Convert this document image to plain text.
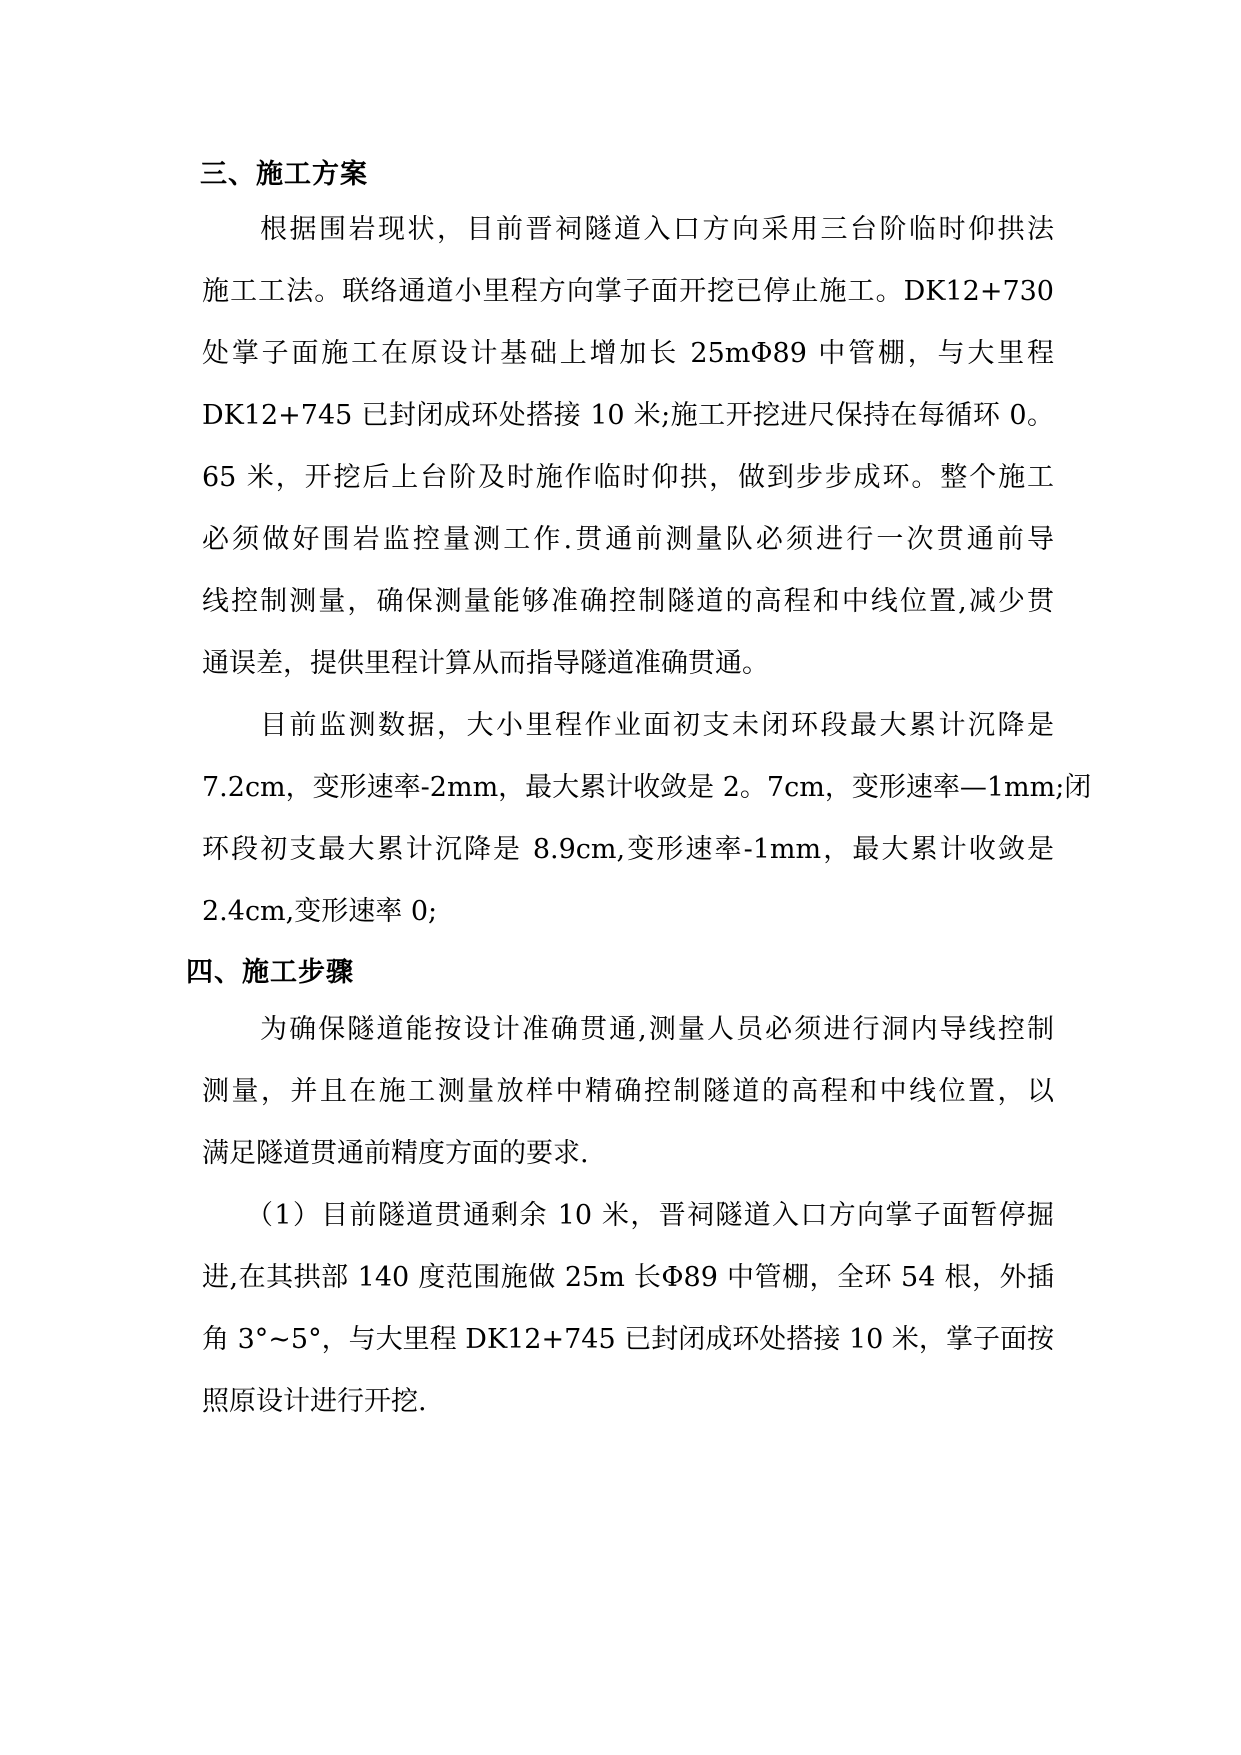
三、施工方案

根据围岩现状，目前晋祠隧道入口方向采用三台阶临时仰拱法

施工工法。联络通道小里程方向掌子面开挖已停止施工。DK12+730

处掌子面施工在原设计基础上增加长 25mΦ89 中管棚，与大里程

DK12+745 已封闭成环处搭接 10 米;施工开挖进尺保持在每循环 0。

65 米，开挖后上台阶及时施作临时仰拱，做到步步成环。整个施工

必须做好围岩监控量测工作.贯通前测量队必须进行一次贯通前导

线控制测量，确保测量能够准确控制隧道的高程和中线位置,减少贯

通误差，提供里程计算从而指导隧道准确贯通。

目前监测数据，大小里程作业面初支未闭环段最大累计沉降是

7.2cm，变形速率-2mm，最大累计收敛是 2。7cm，变形速率—1mm;闭

环段初支最大累计沉降是 8.9cm,变形速率-1mm，最大累计收敛是

2.4cm,变形速率 0;

四、施工步骤

为确保隧道能按设计准确贯通,测量人员必须进行洞内导线控制

测量，并且在施工测量放样中精确控制隧道的高程和中线位置，以

满足隧道贯通前精度方面的要求.

（1）目前隧道贯通剩余 10 米，晋祠隧道入口方向掌子面暂停掘

进,在其拱部 140 度范围施做 25m 长Φ89 中管棚，全环 54 根，外插

角 3°~5°，与大里程 DK12+745 已封闭成环处搭接 10 米，掌子面按

照原设计进行开挖.
